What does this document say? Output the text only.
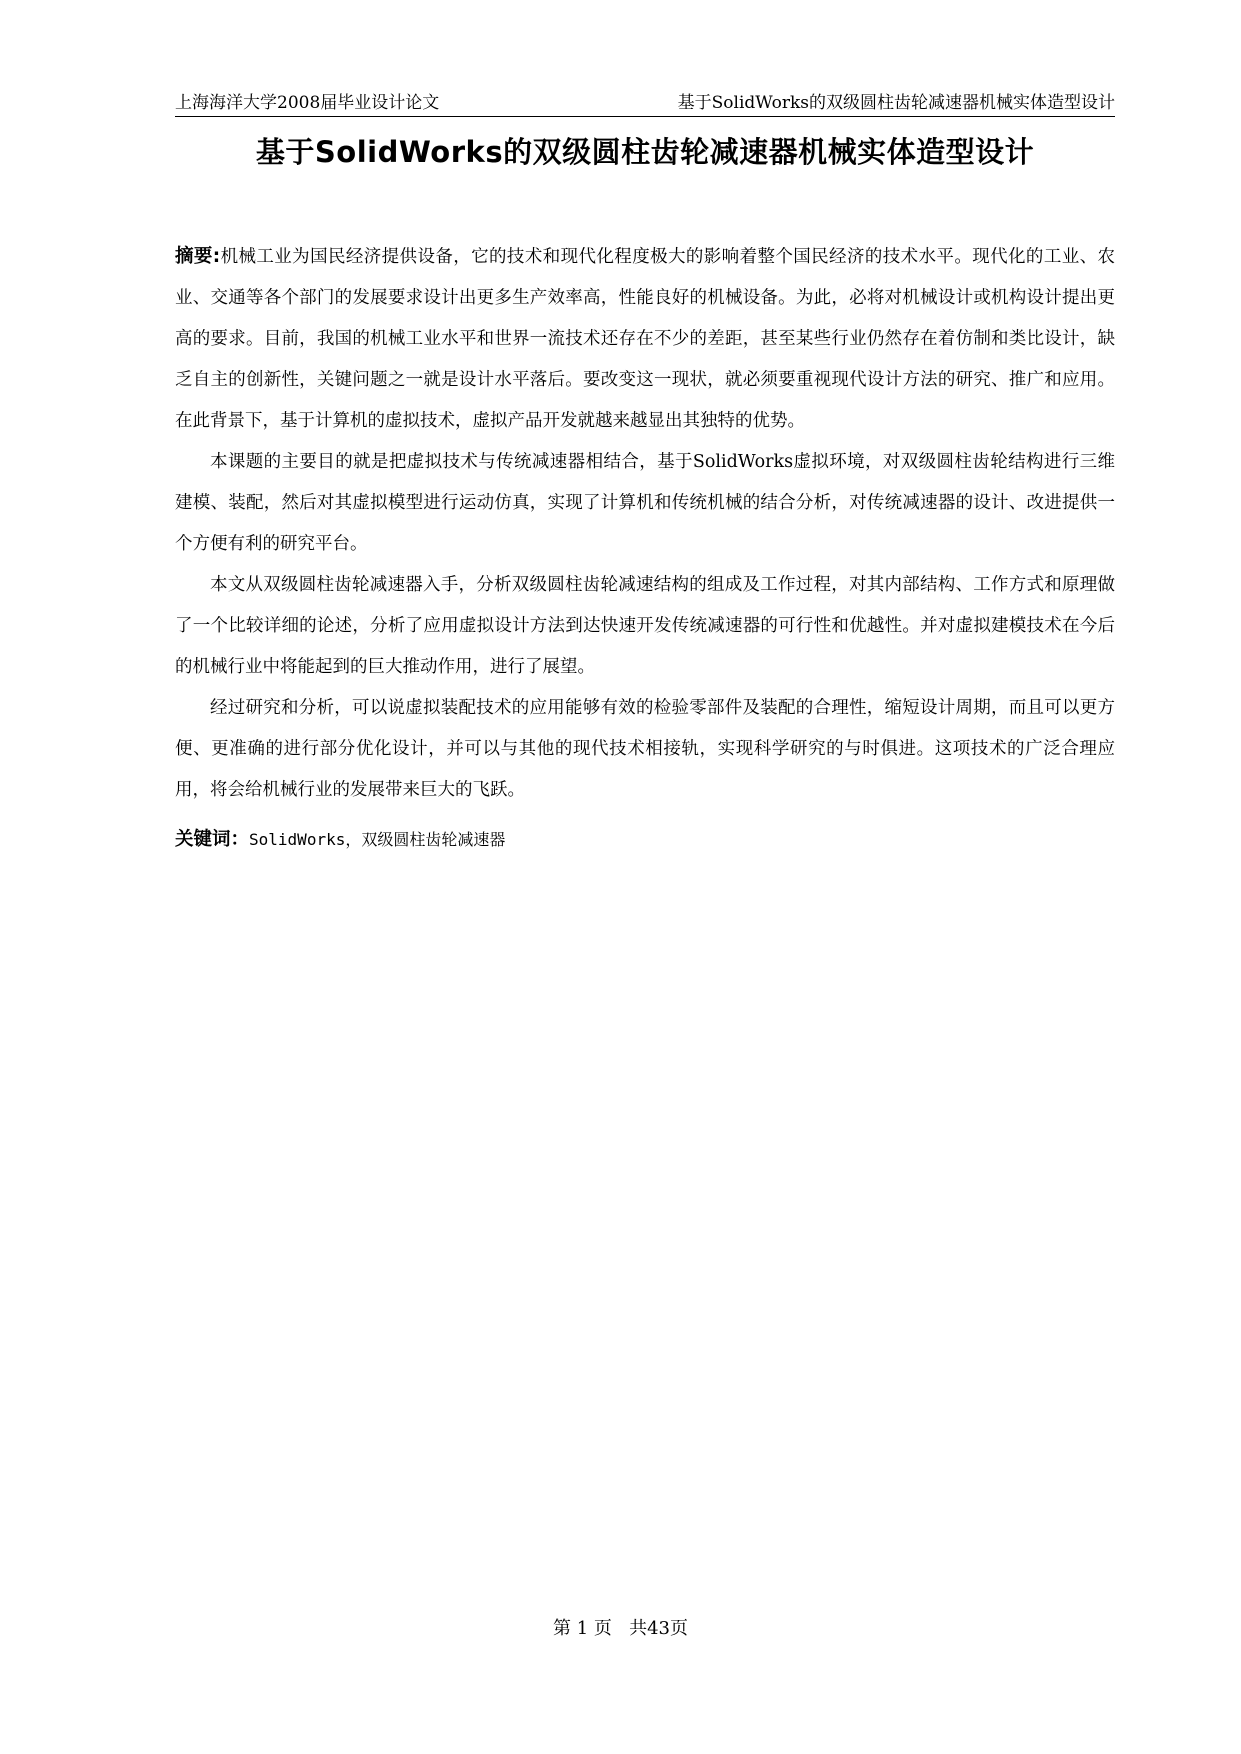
上海海洋大学2008届毕业设计论文	基于SolidWorks的双级圆柱齿轮减速器机械实体造型设计
基于SolidWorks的双级圆柱齿轮减速器机械实体造型设计

摘要:机械工业为国民经济提供设备，它的技术和现代化程度极大的影响着整个国民经济的技术水平。现代化的工业、农业、交通等各个部门的发展要求设计出更多生产效率高，性能良好的机械设备。为此，必将对机械设计或机构设计提出更高的要求。目前，我国的机械工业水平和世界一流技术还存在不少的差距，甚至某些行业仍然存在着仿制和类比设计，缺乏自主的创新性，关键问题之一就是设计水平落后。要改变这一现状，就必须要重视现代设计方法的研究、推广和应用。在此背景下，基于计算机的虚拟技术，虚拟产品开发就越来越显出其独特的优势。

本课题的主要目的就是把虚拟技术与传统减速器相结合，基于SolidWorks虚拟环境，对双级圆柱齿轮结构进行三维建模、装配，然后对其虚拟模型进行运动仿真，实现了计算机和传统机械的结合分析，对传统减速器的设计、改进提供一个方便有利的研究平台。

本文从双级圆柱齿轮减速器入手，分析双级圆柱齿轮减速结构的组成及工作过程，对其内部结构、工作方式和原理做了一个比较详细的论述，分析了应用虚拟设计方法到达快速开发传统减速器的可行性和优越性。并对虚拟建模技术在今后的机械行业中将能起到的巨大推动作用，进行了展望。

经过研究和分析，可以说虚拟装配技术的应用能够有效的检验零部件及装配的合理性，缩短设计周期，而且可以更方便、更准确的进行部分优化设计，并可以与其他的现代技术相接轨，实现科学研究的与时俱进。这项技术的广泛合理应用，将会给机械行业的发展带来巨大的飞跃。

关键词：SolidWorks，双级圆柱齿轮减速器

第 1 页   共43页
